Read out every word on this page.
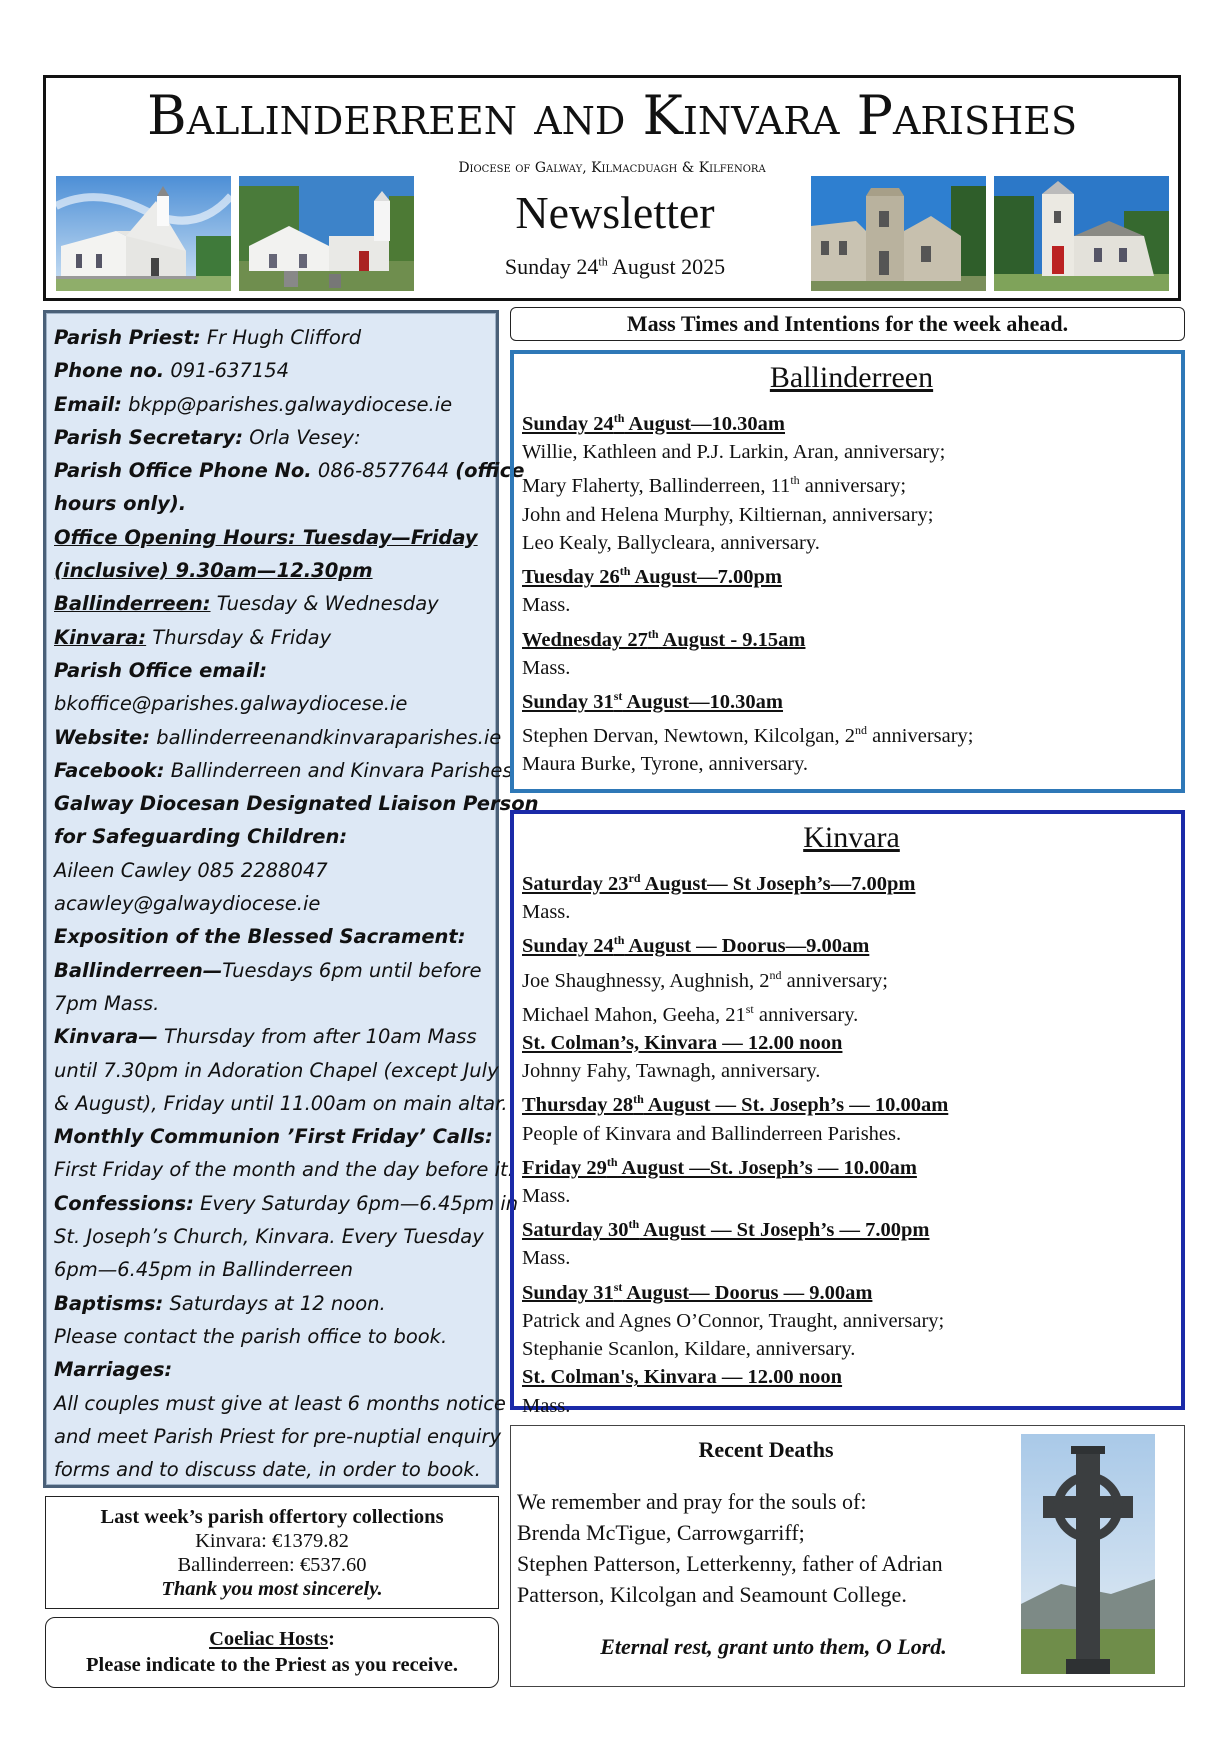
Ballinderreen and Kinvara Parishes
Diocese of Galway, Kilmacduagh & Kilfenora
Newsletter
Sunday 24th August 2025
Parish Priest: Fr Hugh Clifford
Phone no. 091-637154
Email: bkpp@parishes.galwaydiocese.ie
Parish Secretary: Orla Vesey:
Parish Office Phone No. 086-8577644 (office
hours only).
Office Opening Hours: Tuesday—Friday
(inclusive) 9.30am—12.30pm
Ballinderreen: Tuesday & Wednesday
Kinvara: Thursday & Friday
Parish Office email:
bkoffice@parishes.galwaydiocese.ie
Website: ballinderreenandkinvaraparishes.ie
Facebook: Ballinderreen and Kinvara Parishes
Galway Diocesan Designated Liaison Person
for Safeguarding Children:
Aileen Cawley 085 2288047
acawley@galwaydiocese.ie
Exposition of the Blessed Sacrament:
Ballinderreen—Tuesdays 6pm until before
7pm Mass.
Kinvara— Thursday from after 10am Mass
until 7.30pm in Adoration Chapel (except July
& August), Friday until 11.00am on main altar.
Monthly Communion ’First Friday’ Calls:
First Friday of the month and the day before it.
Confessions: Every Saturday 6pm—6.45pm in
St. Joseph’s Church, Kinvara. Every Tuesday
6pm—6.45pm in Ballinderreen
Baptisms: Saturdays at 12 noon.
Please contact the parish office to book.
Marriages:
All couples must give at least 6 months notice
and meet Parish Priest for pre-nuptial enquiry
forms and to discuss date, in order to book.
Last week’s parish offertory collections
Kinvara: €1379.82
Ballinderreen: €537.60
Thank you most sincerely.
Coeliac Hosts:
Please indicate to the Priest as you receive.
Mass Times and Intentions for the week ahead.
Ballinderreen
Sunday 24th August—10.30am
Willie, Kathleen and P.J. Larkin, Aran, anniversary;
Mary Flaherty, Ballinderreen, 11th anniversary;
John and Helena Murphy, Kiltiernan, anniversary;
Leo Kealy, Ballycleara, anniversary.
Tuesday 26th August—7.00pm
Mass.
Wednesday 27th August - 9.15am
Mass.
Sunday 31st August—10.30am
Stephen Dervan, Newtown, Kilcolgan, 2nd anniversary;
Maura Burke, Tyrone, anniversary.
Kinvara
Saturday 23rd August— St Joseph’s—7.00pm
Mass.
Sunday 24th August — Doorus—9.00am
Joe Shaughnessy, Aughnish, 2nd anniversary;
Michael Mahon, Geeha, 21st anniversary.
St. Colman’s, Kinvara — 12.00 noon
Johnny Fahy, Tawnagh, anniversary.
Thursday 28th August — St. Joseph’s — 10.00am
People of Kinvara and Ballinderreen Parishes.
Friday 29th August —St. Joseph’s — 10.00am
Mass.
Saturday 30th August — St Joseph’s — 7.00pm
Mass.
Sunday 31st August— Doorus — 9.00am
Patrick and Agnes O’Connor, Traught, anniversary;
Stephanie Scanlon, Kildare, anniversary.
St. Colman's, Kinvara — 12.00 noon
Mass.
Recent Deaths
We remember and pray for the souls of:
Brenda McTigue, Carrowgarriff;
Stephen Patterson, Letterkenny, father of Adrian
Patterson, Kilcolgan and Seamount College.
Eternal rest, grant unto them, O Lord.
